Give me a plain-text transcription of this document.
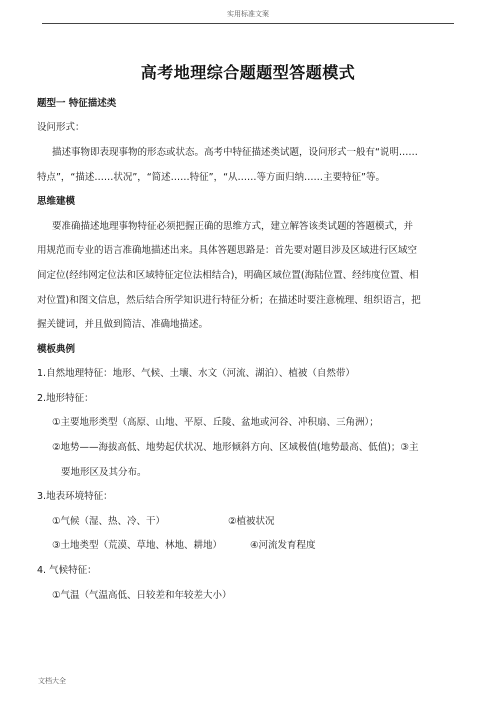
实用标准文案
高考地理综合题题型答题模式
题型一 特征描述类
设问形式：
描述事物即表现事物的形态或状态。高考中特征描述类试题，设问形式一般有“说明……
特点”，“描述……状况”，“简述……特征”，“从……等方面归纳……主要特征”等。
思维建模
要准确描述地理事物特征必须把握正确的思维方式，建立解答该类试题的答题模式，并
用规范而专业的语言准确地描述出来。具体答题思路是：首先要对题目涉及区域进行区域空
间定位(经纬网定位法和区域特征定位法相结合)，明确区域位置(海陆位置、经纬度位置、相
对位置)和图文信息，然后结合所学知识进行特征分析；在描述时要注意梳理、组织语言，把
握关键词，并且做到简洁、准确地描述。
模板典例
1.自然地理特征：地形、气候、土壤、水文（河流、湖泊）、植被（自然带）
2.地形特征：
①主要地形类型（高原、山地、平原、丘陵、盆地或河谷、冲积扇、三角洲）；
②地势——海拔高低、地势起伏状况、地形倾斜方向、区域极值(地势最高、低值)；③主
要地形区及其分布。
3.地表环境特征：
①气候（湿、热、冷、干）	②植被状况
③土地类型（荒漠、草地、林地、耕地）	④河流发育程度
4. 气候特征：
①气温（气温高低、日较差和年较差大小）
文档大全
